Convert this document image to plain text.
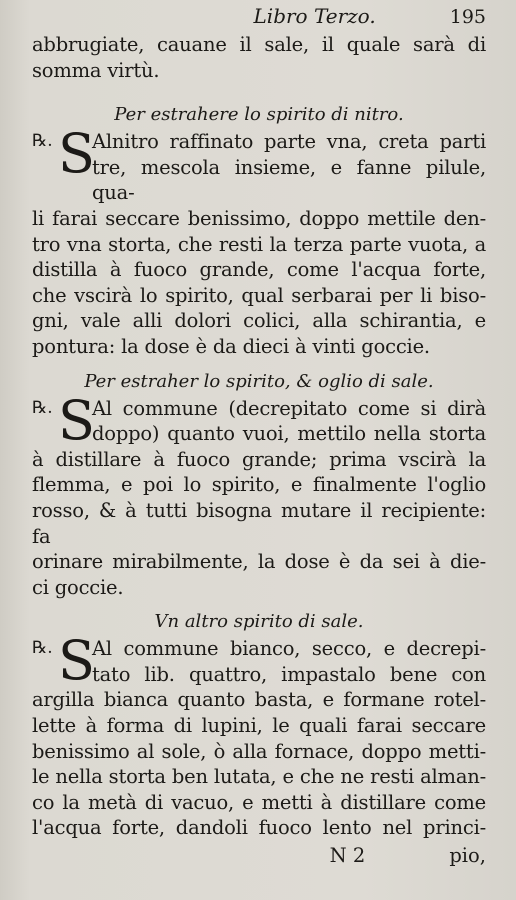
Libro Terzo.	195
abbrugiate, cauane il sale, il quale sarà di
somma virtù.
Per estrahere lo spirito di nitro.
℞. S
Alnitro raffinato parte vna, creta parti
tre, mescola insieme, e fanne pilule, qua-
li farai seccare benissimo, doppo mettile den-
tro vna storta, che resti la terza parte vuota, a
distilla à fuoco grande, come l'acqua forte,
che vscirà lo spirito, qual serbarai per li biso-
gni, vale alli dolori colici, alla schirantia, e
pontura: la dose è da dieci à vinti goccie.
Per estraher lo spirito, & oglio di sale.
℞. S
Al commune (decrepitato come si dirà
doppo) quanto vuoi, mettilo nella storta
à distillare à fuoco grande; prima vscirà la
flemma, e poi lo spirito, e finalmente l'oglio
rosso, & à tutti bisogna mutare il recipiente: fa
orinare mirabilmente, la dose è da sei à die-
ci goccie.
Vn altro spirito di sale.
℞. S
Al commune bianco, secco, e decrepi-
tato lib. quattro, impastalo bene con
argilla bianca quanto basta, e formane rotel-
lette à forma di lupini, le quali farai seccare
benissimo al sole, ò alla fornace, doppo metti-
le nella storta ben lutata, e che ne resti alman-
co la metà di vacuo, e metti à distillare come
l'acqua forte, dandoli fuoco lento nel princi-
N 2	pio,
